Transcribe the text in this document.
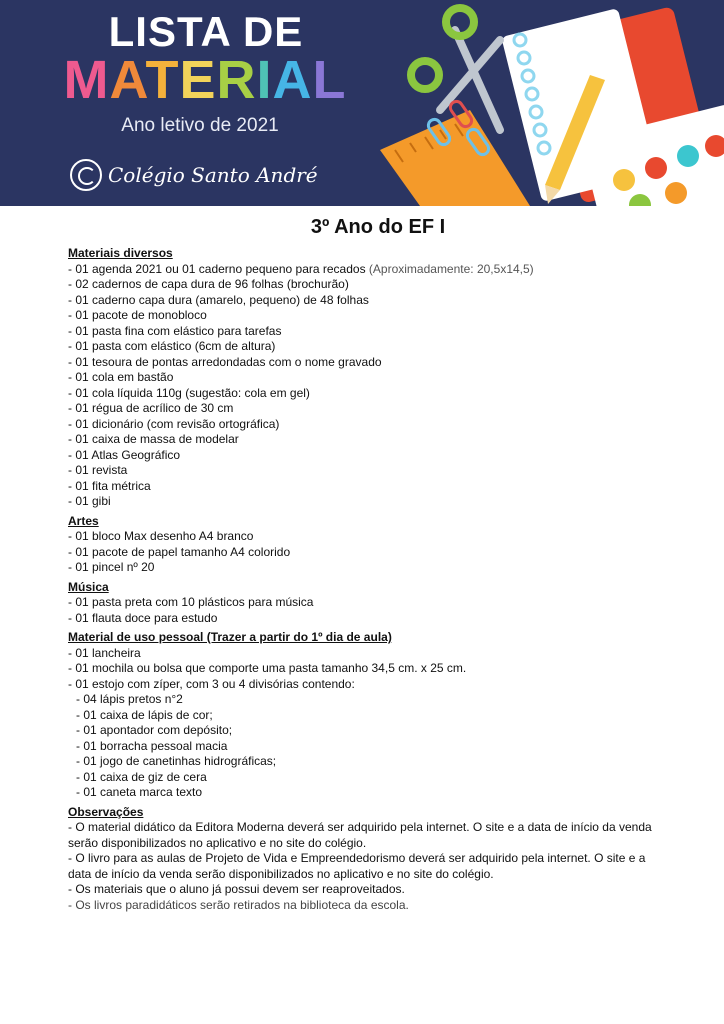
LISTA DE
MATERIAL
Ano letivo de 2021
Colégio Santo André
3º Ano do EF I
Materiais diversos
- 01 agenda 2021 ou 01 caderno pequeno para recados (Aproximadamente: 20,5x14,5)
- 02 cadernos de capa dura de 96 folhas (brochurão)
- 01 caderno capa dura (amarelo, pequeno) de 48 folhas
- 01 pacote de monobloco
- 01 pasta fina com elástico para tarefas
- 01 pasta com elástico (6cm de altura)
- 01 tesoura de pontas arredondadas com o nome gravado
- 01 cola em bastão
- 01 cola líquida 110g (sugestão: cola em gel)
- 01 régua de acrílico de 30 cm
- 01 dicionário (com revisão ortográfica)
- 01 caixa de massa de modelar
- 01 Atlas Geográfico
- 01 revista
- 01 fita métrica
- 01 gibi
Artes
- 01 bloco Max desenho A4 branco
- 01 pacote de papel tamanho A4 colorido
- 01 pincel nº 20
Música
- 01 pasta preta com 10 plásticos para música
- 01 flauta doce para estudo
Material de uso pessoal (Trazer a partir do 1º dia de aula)
- 01 lancheira
- 01 mochila ou bolsa que comporte uma pasta tamanho 34,5 cm. x 25 cm.
- 01 estojo com zíper, com 3 ou 4 divisórias contendo:
- 04 lápis pretos n°2
- 01 caixa de lápis de cor;
- 01 apontador com depósito;
- 01 borracha pessoal macia
- 01 jogo de canetinhas hidrográficas;
- 01 caixa de giz de cera
- 01 caneta marca texto
Observações
- O material didático da Editora Moderna deverá ser adquirido pela internet. O site e a data de início da venda serão disponibilizados no aplicativo e no site do colégio.
- O livro para as aulas de Projeto de Vida e Empreendedorismo deverá ser adquirido pela internet. O site e a data de início da venda serão disponibilizados no aplicativo e no site do colégio.
- Os materiais que o aluno já possui devem ser reaproveitados.
- Os livros paradidáticos serão retirados na biblioteca da escola.
